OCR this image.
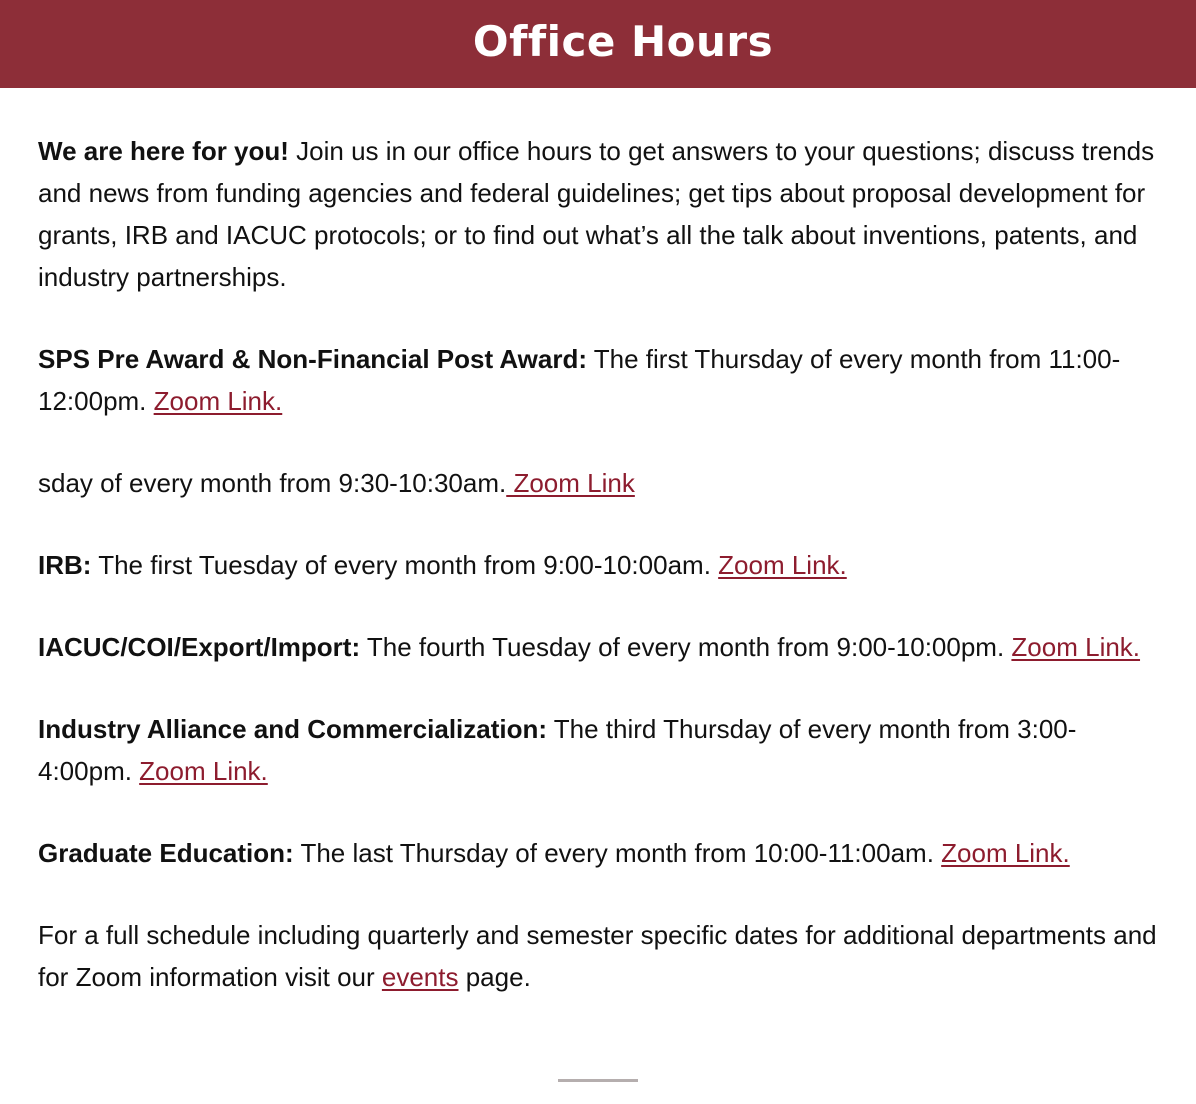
Office Hours

We are here for you! Join us in our office hours to get answers to your questions; discuss trends and news from funding agencies and federal guidelines; get tips about proposal development for grants, IRB and IACUC protocols; or to find out what’s all the talk about inventions, patents, and industry partnerships.

SPS Pre Award & Non-Financial Post Award: The first Thursday of every month from 11:00-12:00pm. Zoom Link.

sday of every month from 9:30-10:30am. Zoom Link

IRB: The first Tuesday of every month from 9:00-10:00am. Zoom Link.

IACUC/COI/Export/Import: The fourth Tuesday of every month from 9:00-10:00pm. Zoom Link.

Industry Alliance and Commercialization: The third Thursday of every month from 3:00-4:00pm. Zoom Link.

Graduate Education: The last Thursday of every month from 10:00-11:00am. Zoom Link.

For a full schedule including quarterly and semester specific dates for additional departments and for Zoom information visit our events page.
